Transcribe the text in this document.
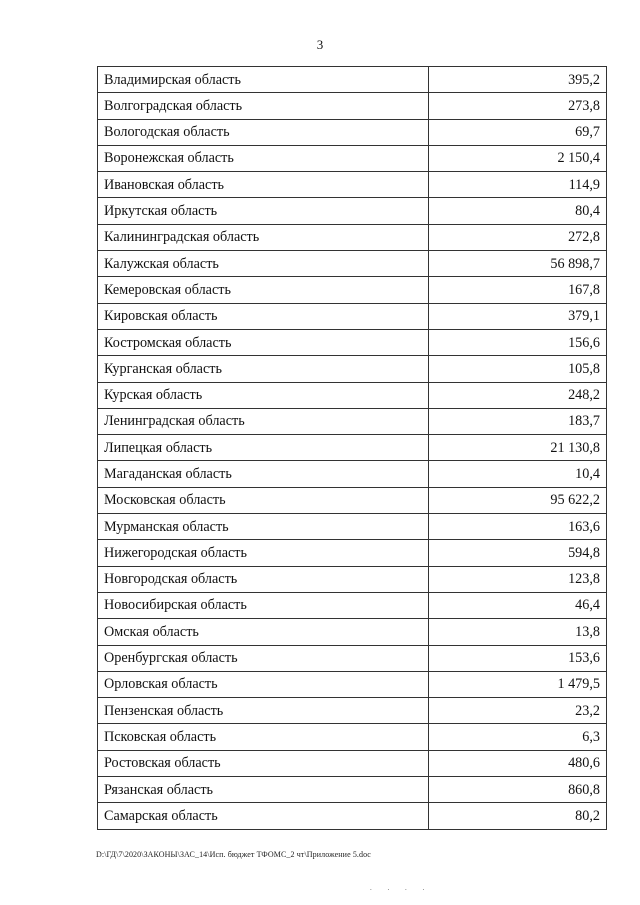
3
Владимирская область	395,2
Волгоградская область	273,8
Вологодская область	69,7
Воронежская область	2 150,4
Ивановская область	114,9
Иркутская область	80,4
Калининградская область	272,8
Калужская область	56 898,7
Кемеровская область	167,8
Кировская область	379,1
Костромская область	156,6
Курганская область	105,8
Курская область	248,2
Ленинградская область	183,7
Липецкая область	21 130,8
Магаданская область	10,4
Московская область	95 622,2
Мурманская область	163,6
Нижегородская область	594,8
Новгородская область	123,8
Новосибирская область	46,4
Омская область	13,8
Оренбургская область	153,6
Орловская область	1 479,5
Пензенская область	23,2
Псковская область	6,3
Ростовская область	480,6
Рязанская область	860,8
Самарская область	80,2
D:\ГД\7\2020\ЗАКОНЫ\ЗАС_14\Исп. бюджет ТФОМС_2 чт\Приложение 5.doc
. . . .
